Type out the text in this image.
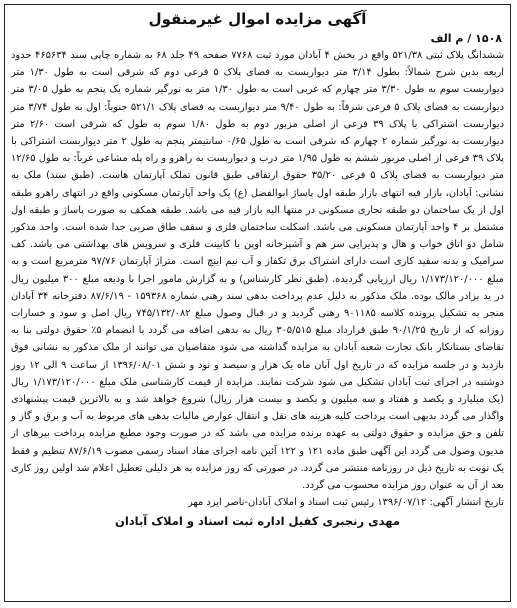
آگهی مزایده اموال غیرمنقول
۱۵۰۸ / م الف

ششدانگ پلاک ثبتی ۵۲۱/۳۸ واقع در بخش ۴ آبادان مورد ثبت ۷۷۶۸ صفحه ۴۹ جلد ۶۸ به شماره چاپی سند ۴۶۵۶۳۴ حدود اربعه بدین شرح شمالاً: بطول ۳/۱۴ متر دیواربست به فضای پلاک ۵ فرعی دوم که شرقی است به طول ۱/۳۰ متر دیواربست سوم به طول ۳/۳۰ متر چهارم که غربی است به طول ۱/۳۰ متر به نورگیر شماره یک پنجم به طول ۳/۰۵ متر دیواربست به فضای پلاک ۵ فرعی شرقاً: به طول ۹/۴۰ متر دیواربست به فضای پلاک ۵۲۱/۱ جنوباً: اول به طول ۳/۷۴ متر دیواربست اشتراکی با پلاک ۳۹ فرعی از اصلی مزبور دوم به طول ۱/۸۰ سوم به طول که شرقی است ۲/۶۰ متر دیواربست به نورگیر شماره ۲ چهارم که شرقی است به طول ۰/۶۵ سانتیمتر پنجم به طول ۲ متر دیواربست اشتراکی با پلاک ۳۹ فرعی از اصلی مزبور ششم به طول ۱/۹۵ متر درب و دیواربست به راهرو و راه پله مشاعی غرباً: به طول ۱۲/۶۵ متر دیواربست به فضای پلاک ۵ فرعی ۳۵/۲۰ حقوق ارتفاقی طبق قانون تملک آپارتمان هاست. (طبق سند) ملک به نشانی: آبادان، بازار فیه انتهای بازار طبقه اول پاساژ ابوالفضل (ع) یک واحد آپارتمان مسکونی واقع در انتهای راهرو طبقه اول از یک ساختمان دو طبقه تجاری مسکونی در منتها الیه بازار فیه می باشد. طبقه همکف به صورت پاساژ و طبقه اول مشتمل بر ۴ واحد آپارتمان مسکونی می باشد. اسکلت ساختمان فلزی و سقف طاق ضربی جدا شده است. واحد مذکور شامل دو اتاق خواب و هال و پذیرایی سر هم و آشپزخانه اوپن با کابینت فلزی و سرویس های بهداشتی می باشد. کف سرامیک و بدنه سفید کاری است دارای اشتراک برق تکفاز و آب نیم اینچ است. متراژ آپارتمان ۹۷/۷۶ مترمربع است و به مبلغ ۱/۱۷۳/۱۲۰/۰۰۰ ریال ارزیابی گردیده. (طبق نظر کارشناس) و به گزارش مامور اجرا با ودیعه مبلغ ۳۰۰ میلیون ریال در ید بزادر مالک بوده. ملک مذکور به دلیل عدم پرداخت بدهی سند رهنی شماره ۱۵۹۳۶۸ - ۸۷/۶/۱۹ دفترخانه ۳۴ آبادان منجر به تشکیل پرونده کلاسه ۹۰۱۱۸۵ رهنی گردید و در قبال وصول مبلغ ۷۴۵/۱۳۲/۰۸۲ ریال اصل و سود و خسارات روزانه که از تاریخ ۹۰/۱/۲۵ طبق قرارداد مبلغ ۳۰۵/۵۱۵ ریال به بدهی اضافه می گردد با انضمام ۵٪ حقوق دولتی بنا به تقاضای بستانکار بانک تجارت شعبه آبادان به مزایده گذاشته می شود متقاضیان می توانند از ملک مذکور به نشانی فوق بازدید و در جلسه مزایده که در تاریخ اول آبان ماه یک هزار و سیصد و نود و شش ۱۳۹۶/۰۸/۰۱ از ساعت ۹ الی ۱۲ روز دوشنبه در اجرای ثبت آبادان تشکیل می شود شرکت نمایند. مزایده از قیمت کارشناسی ملک مبلغ ۱/۱۷۳/۱۲۰/۰۰۰ ریال (یک میلیارد و یکصد و هفتاد و سه میلیون و یکصد و بیست هزار ریال) شروع خواهد شد و به بالاترین قیمت پیشنهادی واگذار می گردد بدیهی است پرداخت کلیه هزینه های نقل و انتقال عوارض مالیات بدهی های مربوط به آب و برق و گاز و تلفن و حق مزایده و حقوق دولتی به عهده برنده مزایده می باشد که در صورت وجود مطبع مزایده پرداخت بیرهای از مدیون وصول می گردد این آگهی طبق ماده ۱۲۱ و ۱۲۲ آئین نامه اجرای مفاد اسناد رسمی مصوب ۸۷/۶/۱۹ تنظیم و فقط یک نوبت به تاریخ ذیل در روزنامه منتشر می گردد. در صورتی که روز مزایده به هر دلیلی تعطیل اعلام شد اولین روز کاری بعد از آن به عنوان روز مزایده محسوب می گردد.

تاریخ انتشار آگهی: ۱۳۹۶/۰۷/۱۲ رئیس ثبت اسناد و املاک آبادان-ناصر ایزد مهر

مهدی رنجبری کفیل اداره ثبت اسناد و املاک آبادان
